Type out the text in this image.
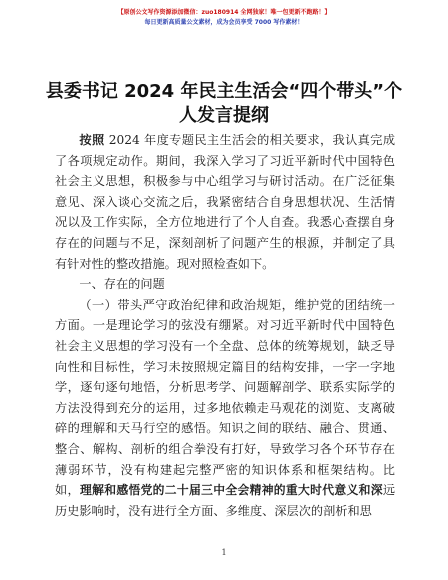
【原创公文写作资源添加微信：zuo180914 全网独家！唯一包更新不跑路！】
每日更新高质量公文素材，成为会员享受 7000 写作素材！
县委书记 2024 年民主生活会“四个带头”个人发言提纲

按照 2024 年度专题民主生活会的相关要求，我认真完成了各项规定动作。期间，我深入学习了习近平新时代中国特色社会主义思想，积极参与中心组学习与研讨活动。在广泛征集意见、深入谈心交流之后，我紧密结合自身思想状况、生活情况以及工作实际，全方位地进行了个人自查。我悉心查摆自身存在的问题与不足，深刻剖析了问题产生的根源，并制定了具有针对性的整改措施。现对照检查如下。

一、存在的问题

（一）带头严守政治纪律和政治规矩，维护党的团结统一方面。一是理论学习的弦没有绷紧。对习近平新时代中国特色社会主义思想的学习没有一个全盘、总体的统筹规划，缺乏导向性和目标性，学习未按照规定篇目的结构安排，一字一字地学，逐句逐句地悟，分析思考学、问题解剖学、联系实际学的方法没得到充分的运用，过多地依赖走马观花的浏览、支离破碎的理解和天马行空的感悟。知识之间的联结、融合、贯通、整合、解构、剖析的组合拳没有打好，导致学习各个环节存在薄弱环节，没有构建起完整严密的知识体系和框架结构。比如，理解和感悟党的二十届三中全会精神的重大时代意义和深远历史影响时，没有进行全方面、多维度、深层次的剖析和思

1
